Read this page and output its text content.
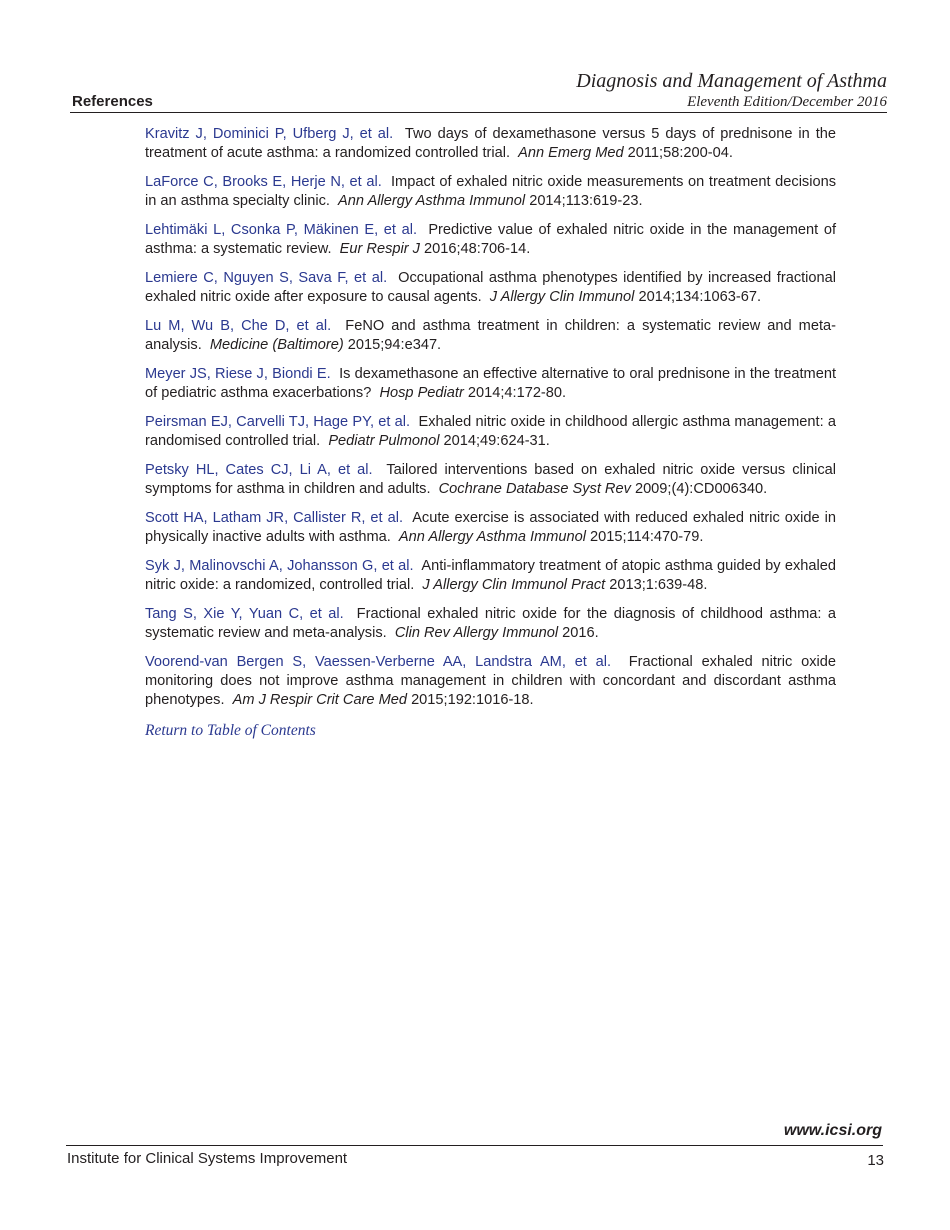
Diagnosis and Management of Asthma
Eleventh Edition/December 2016
References
Kravitz J, Dominici P, Ufberg J, et al. Two days of dexamethasone versus 5 days of prednisone in the treatment of acute asthma: a randomized controlled trial. Ann Emerg Med 2011;58:200-04.
LaForce C, Brooks E, Herje N, et al. Impact of exhaled nitric oxide measurements on treatment decisions in an asthma specialty clinic. Ann Allergy Asthma Immunol 2014;113:619-23.
Lehtimäki L, Csonka P, Mäkinen E, et al. Predictive value of exhaled nitric oxide in the management of asthma: a systematic review. Eur Respir J 2016;48:706-14.
Lemiere C, Nguyen S, Sava F, et al. Occupational asthma phenotypes identified by increased fractional exhaled nitric oxide after exposure to causal agents. J Allergy Clin Immunol 2014;134:1063-67.
Lu M, Wu B, Che D, et al. FeNO and asthma treatment in children: a systematic review and meta-analysis. Medicine (Baltimore) 2015;94:e347.
Meyer JS, Riese J, Biondi E. Is dexamethasone an effective alternative to oral prednisone in the treatment of pediatric asthma exacerbations? Hosp Pediatr 2014;4:172-80.
Peirsman EJ, Carvelli TJ, Hage PY, et al. Exhaled nitric oxide in childhood allergic asthma management: a randomised controlled trial. Pediatr Pulmonol 2014;49:624-31.
Petsky HL, Cates CJ, Li A, et al. Tailored interventions based on exhaled nitric oxide versus clinical symptoms for asthma in children and adults. Cochrane Database Syst Rev 2009;(4):CD006340.
Scott HA, Latham JR, Callister R, et al. Acute exercise is associated with reduced exhaled nitric oxide in physically inactive adults with asthma. Ann Allergy Asthma Immunol 2015;114:470-79.
Syk J, Malinovschi A, Johansson G, et al. Anti-inflammatory treatment of atopic asthma guided by exhaled nitric oxide: a randomized, controlled trial. J Allergy Clin Immunol Pract 2013;1:639-48.
Tang S, Xie Y, Yuan C, et al. Fractional exhaled nitric oxide for the diagnosis of childhood asthma: a systematic review and meta-analysis. Clin Rev Allergy Immunol 2016.
Voorend-van Bergen S, Vaessen-Verberne AA, Landstra AM, et al. Fractional exhaled nitric oxide monitoring does not improve asthma management in children with concordant and discordant asthma phenotypes. Am J Respir Crit Care Med 2015;192:1016-18.
Return to Table of Contents
www.icsi.org
Institute for Clinical Systems Improvement	13
